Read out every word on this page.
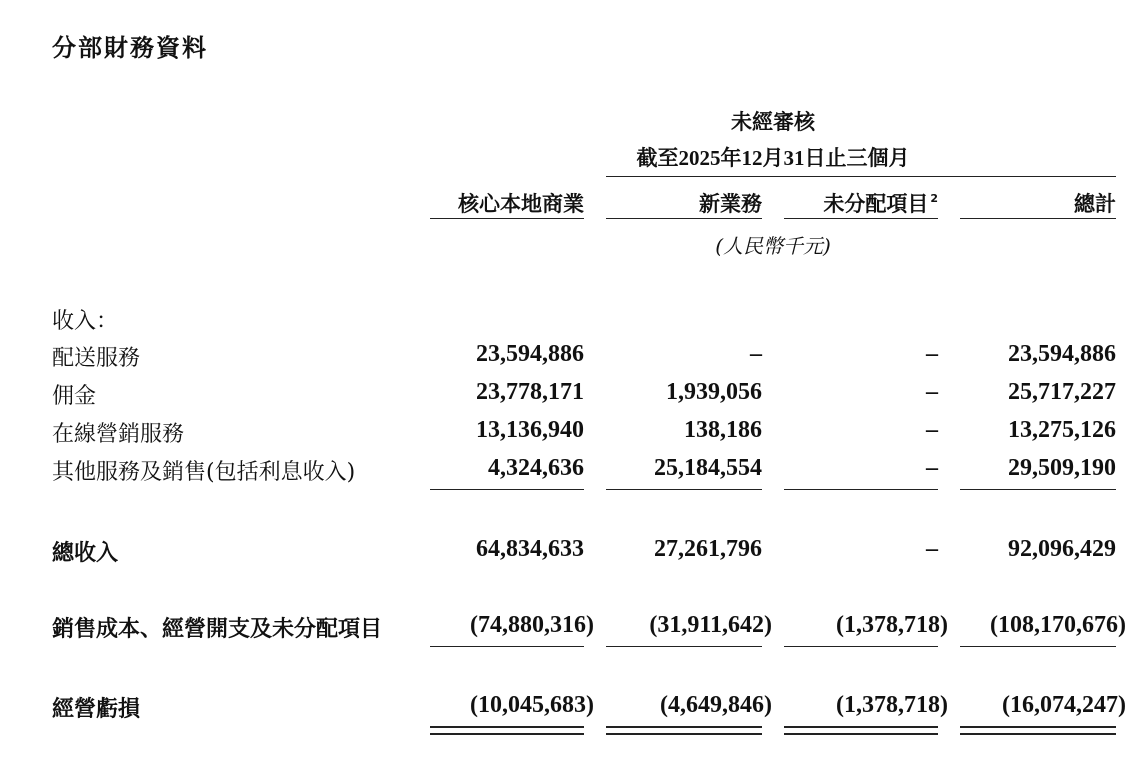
分部財務資料
未經審核
截至2025年12月31日止三個月
核心本地商業	新業務	未分配項目 $^2$	總計
(人民幣千元)
收入：
配送服務	23,594,886	–	–	23,594,886
佣金	23,778,171	1,939,056	–	25,717,227
在線營銷服務	13,136,940	138,186	–	13,275,126
其他服務及銷售(包括利息收入)	4,324,636	25,184,554	–	29,509,190
總收入	64,834,633	27,261,796	–	92,096,429
銷售成本、經營開支及未分配項目	(74,880,316) (31,911,642)	(1,378,718) (108,170,676)
經營虧損	(10,045,683)	(4,649,846)	(1,378,718) (16,074,247)
